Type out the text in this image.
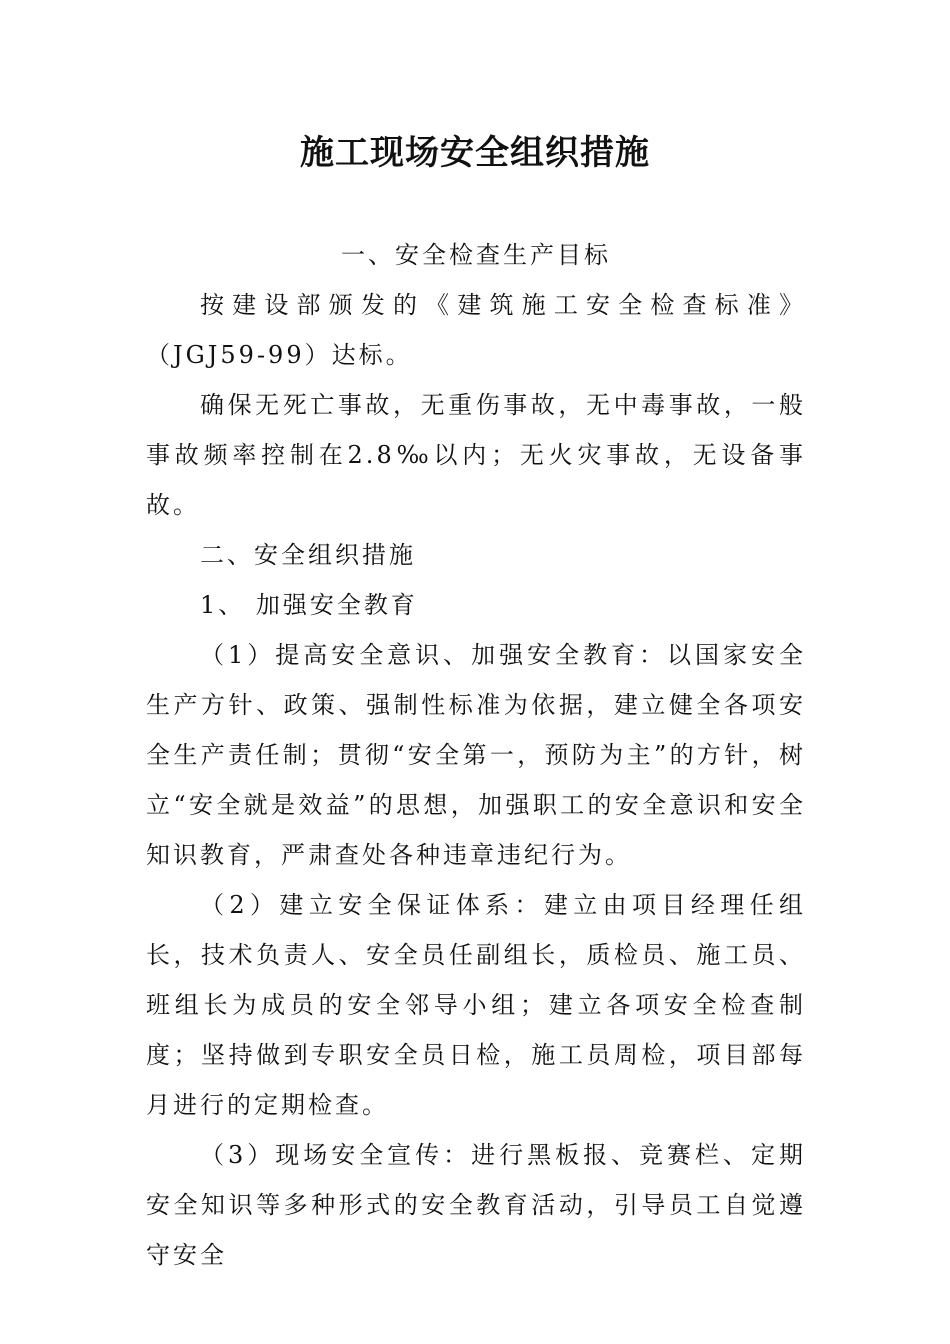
施工现场安全组织措施

一、安全检查生产目标

按建设部颁发的《建筑施工安全检查标准》（JGJ59-99）达标。

确保无死亡事故，无重伤事故，无中毒事故，一般事故频率控制在2.8‰以内；无火灾事故，无设备事故。

二、安全组织措施

1、 加强安全教育

（1）提高安全意识、加强安全教育：以国家安全生产方针、政策、强制性标准为依据，建立健全各项安全生产责任制；贯彻“安全第一，预防为主”的方针，树立“安全就是效益”的思想，加强职工的安全意识和安全知识教育，严肃查处各种违章违纪行为。

（2）建立安全保证体系：建立由项目经理任组长，技术负责人、安全员任副组长，质检员、施工员、班组长为成员的安全邻导小组；建立各项安全检查制度；坚持做到专职安全员日检，施工员周检，项目部每月进行的定期检查。

（3）现场安全宣传：进行黑板报、竞赛栏、定期安全知识等多种形式的安全教育活动，引导员工自觉遵守安全
